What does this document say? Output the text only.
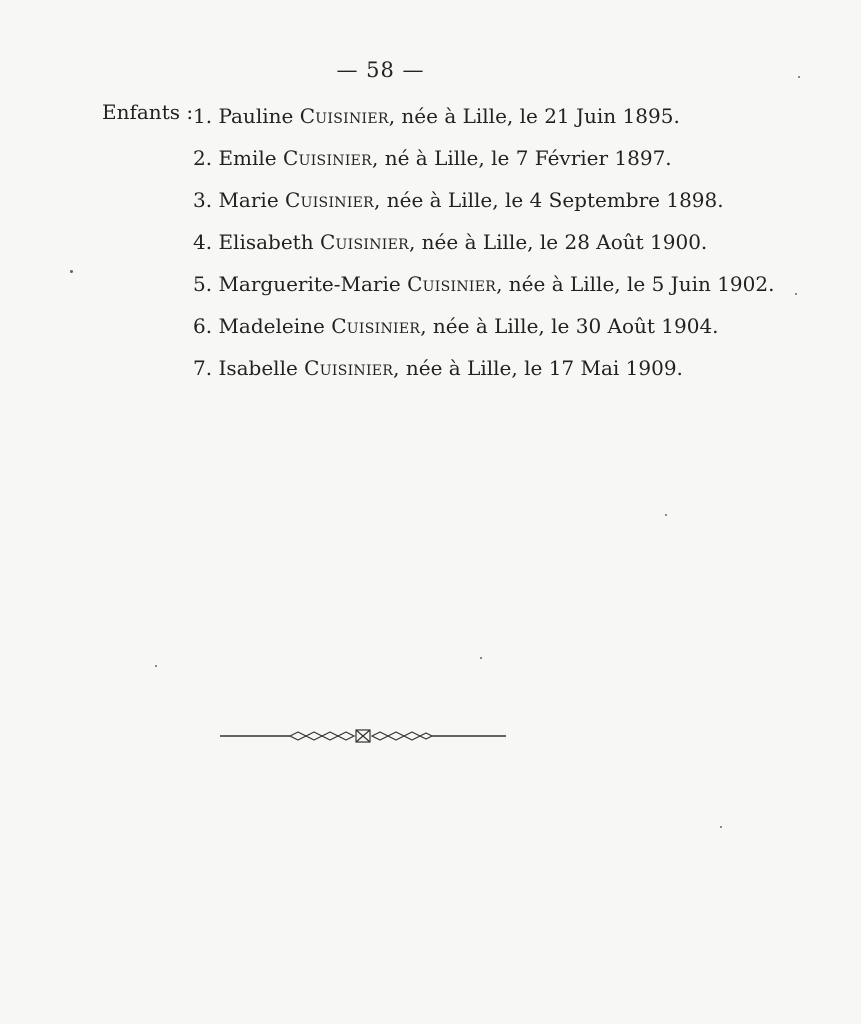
— 58 —
Enfants : 1. Pauline Cuisinier, née à Lille, le 21 Juin 1895.
2. Emile Cuisinier, né à Lille, le 7 Février 1897.
3. Marie Cuisinier, née à Lille, le 4 Septembre 1898.
4. Elisabeth Cuisinier, née à Lille, le 28 Août 1900.
5. Marguerite-Marie Cuisinier, née à Lille, le 5 Juin 1902.
6. Madeleine Cuisinier, née à Lille, le 30 Août 1904.
7. Isabelle Cuisinier, née à Lille, le 17 Mai 1909.
